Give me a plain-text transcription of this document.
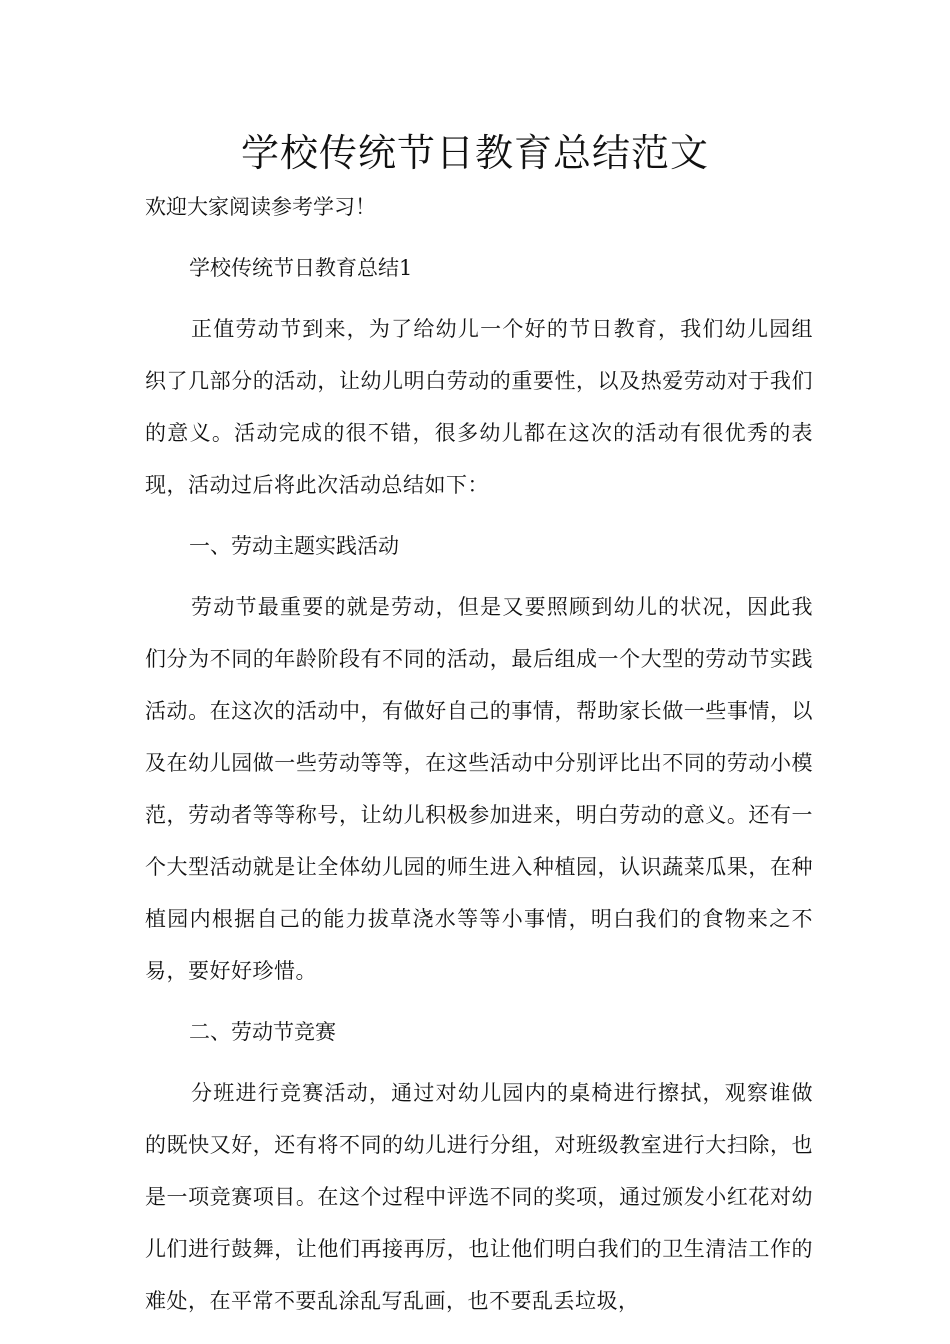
学校传统节日教育总结范文

欢迎大家阅读参考学习！

学校传统节日教育总结1

正值劳动节到来，为了给幼儿一个好的节日教育，我们幼儿园组织了几部分的活动，让幼儿明白劳动的重要性，以及热爱劳动对于我们的意义。活动完成的很不错，很多幼儿都在这次的活动有很优秀的表现，活动过后将此次活动总结如下：

一、劳动主题实践活动

劳动节最重要的就是劳动，但是又要照顾到幼儿的状况，因此我们分为不同的年龄阶段有不同的活动，最后组成一个大型的劳动节实践活动。在这次的活动中，有做好自己的事情，帮助家长做一些事情，以及在幼儿园做一些劳动等等，在这些活动中分别评比出不同的劳动小模范，劳动者等等称号，让幼儿积极参加进来，明白劳动的意义。还有一个大型活动就是让全体幼儿园的师生进入种植园，认识蔬菜瓜果，在种植园内根据自己的能力拔草浇水等等小事情，明白我们的食物来之不易，要好好珍惜。

二、劳动节竞赛

分班进行竞赛活动，通过对幼儿园内的桌椅进行擦拭，观察谁做的既快又好，还有将不同的幼儿进行分组，对班级教室进行大扫除，也是一项竞赛项目。在这个过程中评选不同的奖项，通过颁发小红花对幼儿们进行鼓舞，让他们再接再厉，也让他们明白我们的卫生清洁工作的难处，在平常不要乱涂乱写乱画，也不要乱丢垃圾，
